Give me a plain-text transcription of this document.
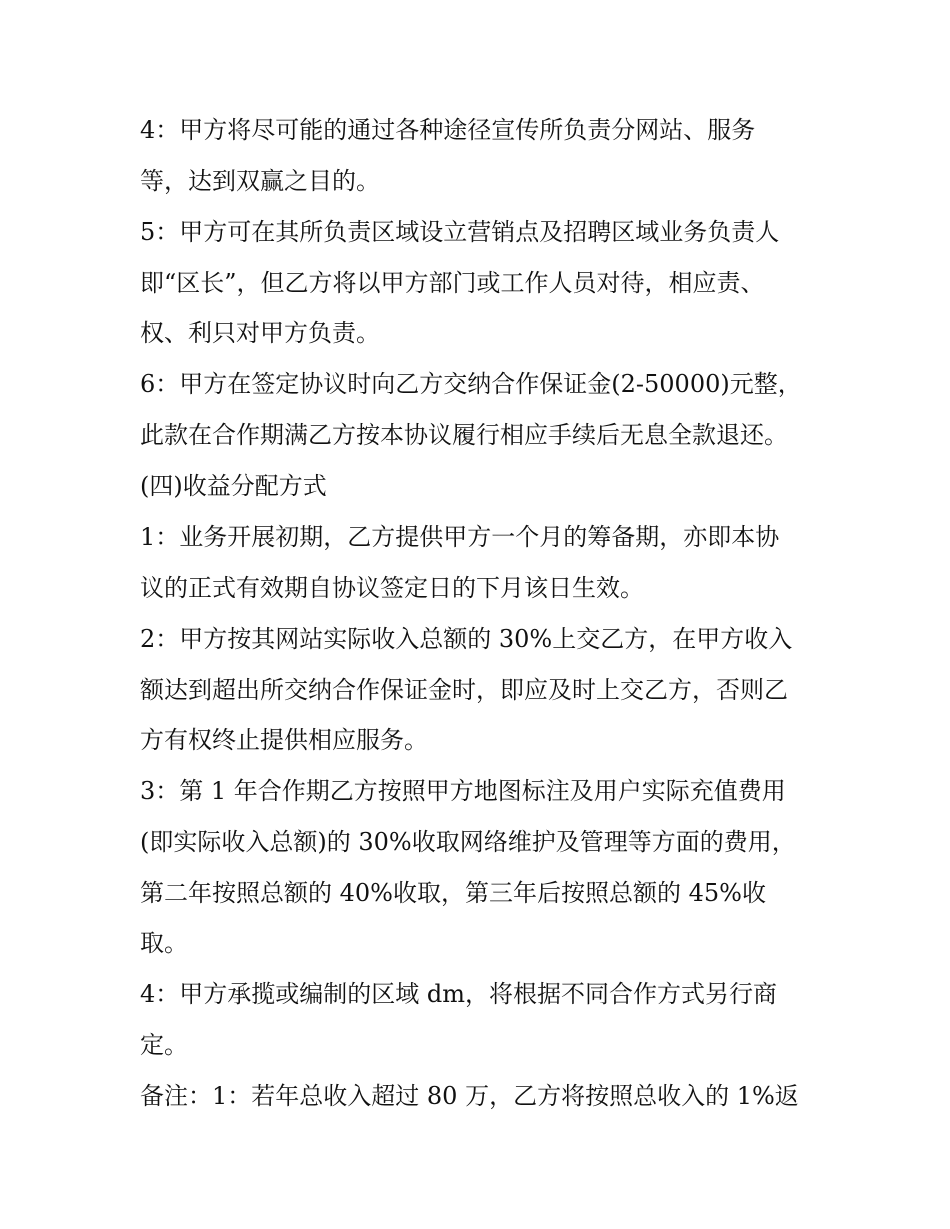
4：甲方将尽可能的通过各种途径宣传所负责分网站、服务
等，达到双赢之目的。
5：甲方可在其所负责区域设立营销点及招聘区域业务负责人
即“区长”，但乙方将以甲方部门或工作人员对待，相应责、
权、利只对甲方负责。
6：甲方在签定协议时向乙方交纳合作保证金(2-50000)元整，
此款在合作期满乙方按本协议履行相应手续后无息全款退还。
(四)收益分配方式
1：业务开展初期，乙方提供甲方一个月的筹备期，亦即本协
议的正式有效期自协议签定日的下月该日生效。
2：甲方按其网站实际收入总额的 30%上交乙方，在甲方收入
额达到超出所交纳合作保证金时，即应及时上交乙方，否则乙
方有权终止提供相应服务。
3：第 1 年合作期乙方按照甲方地图标注及用户实际充值费用
(即实际收入总额)的 30%收取网络维护及管理等方面的费用，
第二年按照总额的 40%收取，第三年后按照总额的 45%收
取。
4：甲方承揽或编制的区域 dm，将根据不同合作方式另行商
定。
备注：1：若年总收入超过 80 万，乙方将按照总收入的 1%返
